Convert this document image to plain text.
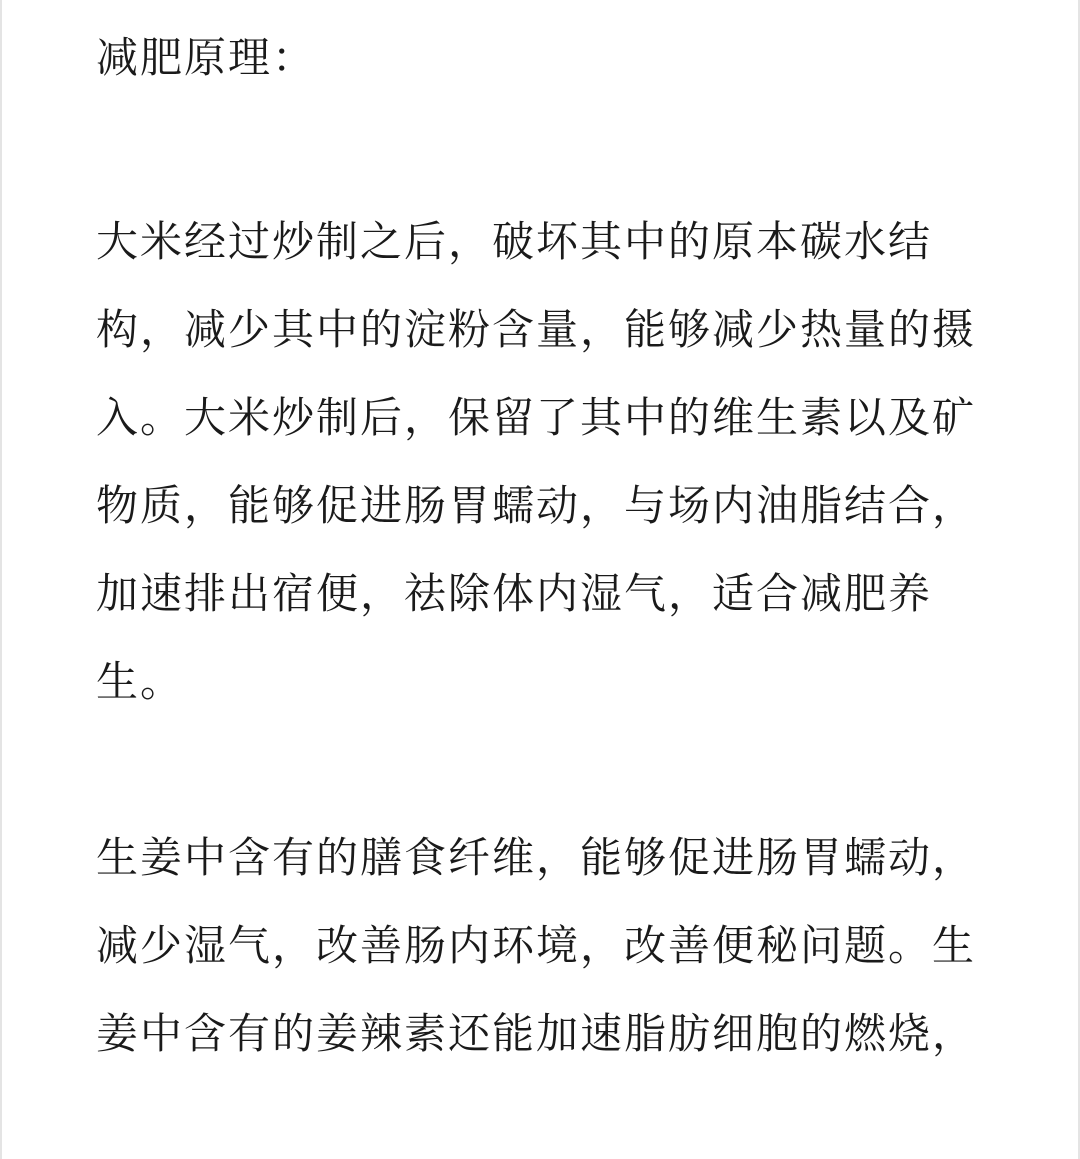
减肥原理：

大米经过炒制之后，破坏其中的原本碳水结构，减少其中的淀粉含量，能够减少热量的摄入。大米炒制后，保留了其中的维生素以及矿物质，能够促进肠胃蠕动，与场内油脂结合，加速排出宿便，祛除体内湿气，适合减肥养生。

生姜中含有的膳食纤维，能够促进肠胃蠕动，减少湿气，改善肠内环境，改善便秘问题。生姜中含有的姜辣素还能加速脂肪细胞的燃烧，
